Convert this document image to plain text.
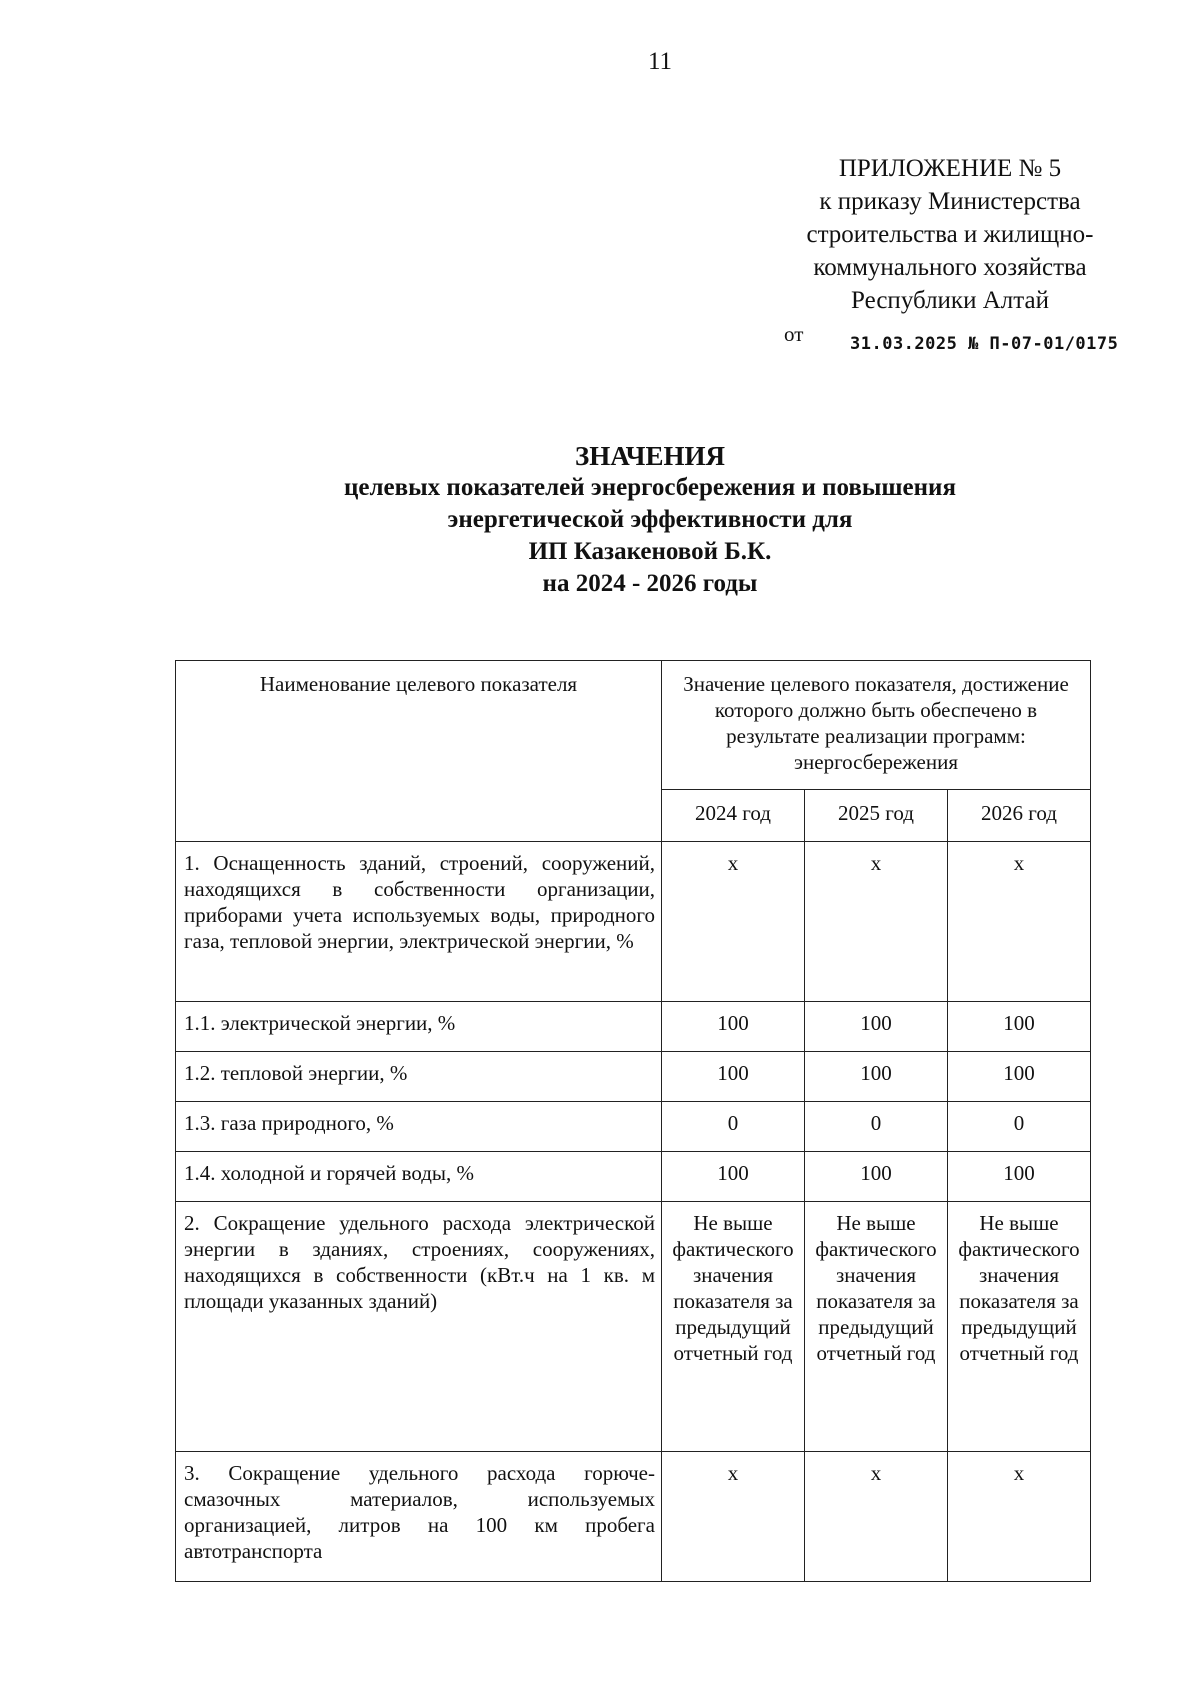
11
ПРИЛОЖЕНИЕ № 5
к приказу Министерства
строительства и жилищно-
коммунального хозяйства
Республики Алтай
от	31.03.2025 № П-07-01/0175
ЗНАЧЕНИЯ
целевых показателей энергосбережения и повышения
энергетической эффективности для
ИП Казакеновой Б.К.
на 2024 - 2026 годы
Наименование целевого показателя	Значение целевого показателя, достижение которого должно быть обеспечено в результате реализации программ: энергосбережения		
	2024 год	2025 год	2026 год
1. Оснащенность зданий, строений, сооружений, находящихся в собственности организации, приборами учета используемых воды, природного газа, тепловой энергии, электрической энергии, %	х	х	х
1.1. электрической энергии, %	100	100	100
1.2. тепловой энергии, %	100	100	100
1.3. газа природного, %	0	0	0
1.4. холодной и горячей воды, %	100	100	100
2. Сокращение удельного расхода электрической энергии в зданиях, строениях, сооружениях, находящихся в собственности (кВт.ч на 1 кв. м площади указанных зданий)	Не выше фактического значения показателя за предыдущий отчетный год	Не выше фактического значения показателя за предыдущий отчетный год	Не выше фактического значения показателя за предыдущий отчетный год
3. Сокращение удельного расхода горюче-смазочных материалов, используемых организацией, литров на 100 км пробега автотранспорта	х	х	х
